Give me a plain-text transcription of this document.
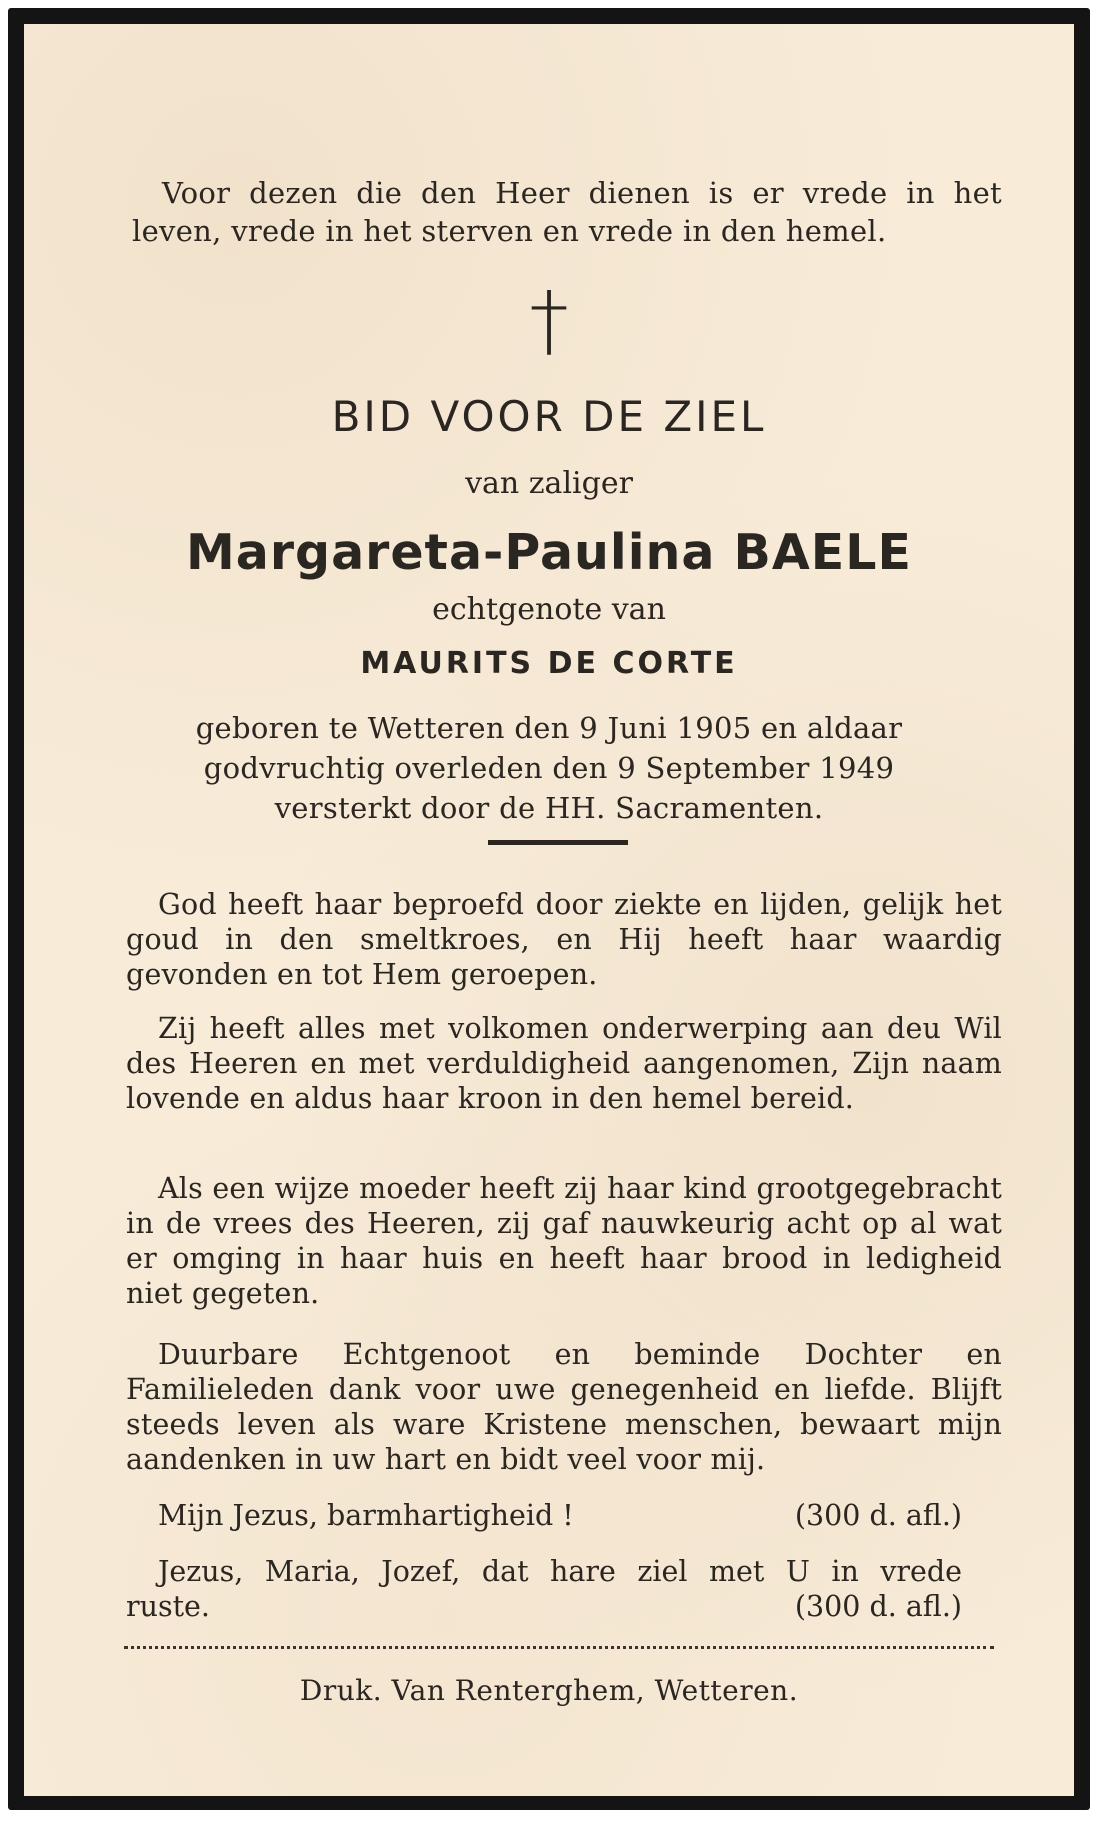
Voor dezen die den Heer dienen is er vrede in het leven, vrede in het sterven en vrede in den hemel.
†
BID VOOR DE ZIEL
van zaliger
Margareta-Paulina BAELE
echtgenote van
MAURITS DE CORTE
geboren te Wetteren den 9 Juni 1905 en aldaar
godvruchtig overleden den 9 September 1949
versterkt door de HH. Sacramenten.

God heeft haar beproefd door ziekte en lijden, gelijk het goud in den smeltkroes, en Hij heeft haar waardig gevonden en tot Hem geroepen.

Zij heeft alles met volkomen onderwerping aan deu Wil des Heeren en met verduldigheid aangenomen, Zijn naam lovende en aldus haar kroon in den hemel bereid.

Als een wijze moeder heeft zij haar kind grootgegebracht in de vrees des Heeren, zij gaf nauwkeurig acht op al wat er omging in haar huis en heeft haar brood in ledigheid niet gegeten.

Duurbare Echtgenoot en beminde Dochter en Familieleden dank voor uwe genegenheid en liefde. Blijft steeds leven als ware Kristene menschen, bewaart mijn aandenken in uw hart en bidt veel voor mij.

Mijn Jezus, barmhartigheid !	(300 d. afl.)
Jezus, Maria, Jozef, dat hare ziel met U in vrede
ruste.	(300 d. afl.)
Druk. Van Renterghem, Wetteren.
